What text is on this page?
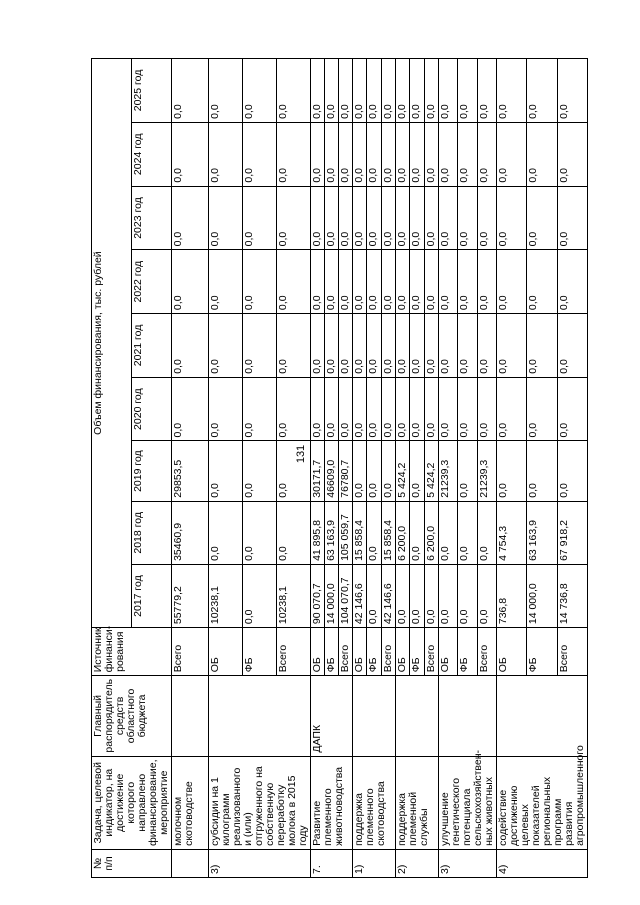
131
№ п/п	Задача, целевой индикатор, на достижение которого направлено финансирование, мероприятие	Главный распорядитель средств областного бюджета	Источник финанси-рования	Объем финансирования, тыс. рублей								
				2017 год	2018 год	2019 год	2020 год	2021 год	2022 год	2023 год	2024 год	2025 год
	молочном скотоводстве		Всего	55779,2	35460,9	29853,5	0,0	0,0	0,0	0,0	0,0	0,0
3)	субсидии на 1 килограмм реализованного и (или) отгруженного на собственную переработку молока в 2015 году		ОБ	10238,1	0,0	0,0	0,0	0,0	0,0	0,0	0,0	0,0
			ФБ	0,0	0,0	0,0	0,0	0,0	0,0	0,0	0,0	0,0
			Всего	10238,1	0,0	0,0	0,0	0,0	0,0	0,0	0,0	0,0
7.	Развитие племенного животноводства	ДАПК	ОБ	90 070,7	41 895,8	30171,7	0,0	0,0	0,0	0,0	0,0	0,0
			ФБ	14 000,0	63 163,9	46609,0	0,0	0,0	0,0	0,0	0,0	0,0
			Всего	104 070,7	105 059,7	76780,7	0,0	0,0	0,0	0,0	0,0	0,0
1)	поддержка племенного скотоводства		ОБ	42 146,6	15 858,4	0,0	0,0	0,0	0,0	0,0	0,0	0,0
			ФБ	0,0	0,0	0,0	0,0	0,0	0,0	0,0	0,0	0,0
			Всего	42 146,6	15 858,4	0,0	0,0	0,0	0,0	0,0	0,0	0,0
2)	поддержка племенной службы		ОБ	0,0	6 200,0	5 424,2	0,0	0,0	0,0	0,0	0,0	0,0
			ФБ	0,0	0,0	0,0	0,0	0,0	0,0	0,0	0,0	0,0
			Всего	0,0	6 200,0	5 424,2	0,0	0,0	0,0	0,0	0,0	0,0
3)	улучшение генетического потенциала сельскохозяйствен-ных животных		ОБ	0,0	0,0	21239,3	0,0	0,0	0,0	0,0	0,0	0,0
			ФБ	0,0	0,0	0,0	0,0	0,0	0,0	0,0	0,0	0,0
			Всего	0,0	0,0	21239,3	0,0	0,0	0,0	0,0	0,0	0,0
4)	содействие достижению целевых показателей региональных программ развития агропромышленного		ОБ	736,8	4 754,3	0,0	0,0	0,0	0,0	0,0	0,0	0,0
			ФБ	14 000,0	63 163,9	0,0	0,0	0,0	0,0	0,0	0,0	0,0
			Всего	14 736,8	67 918,2	0,0	0,0	0,0	0,0	0,0	0,0	0,0
